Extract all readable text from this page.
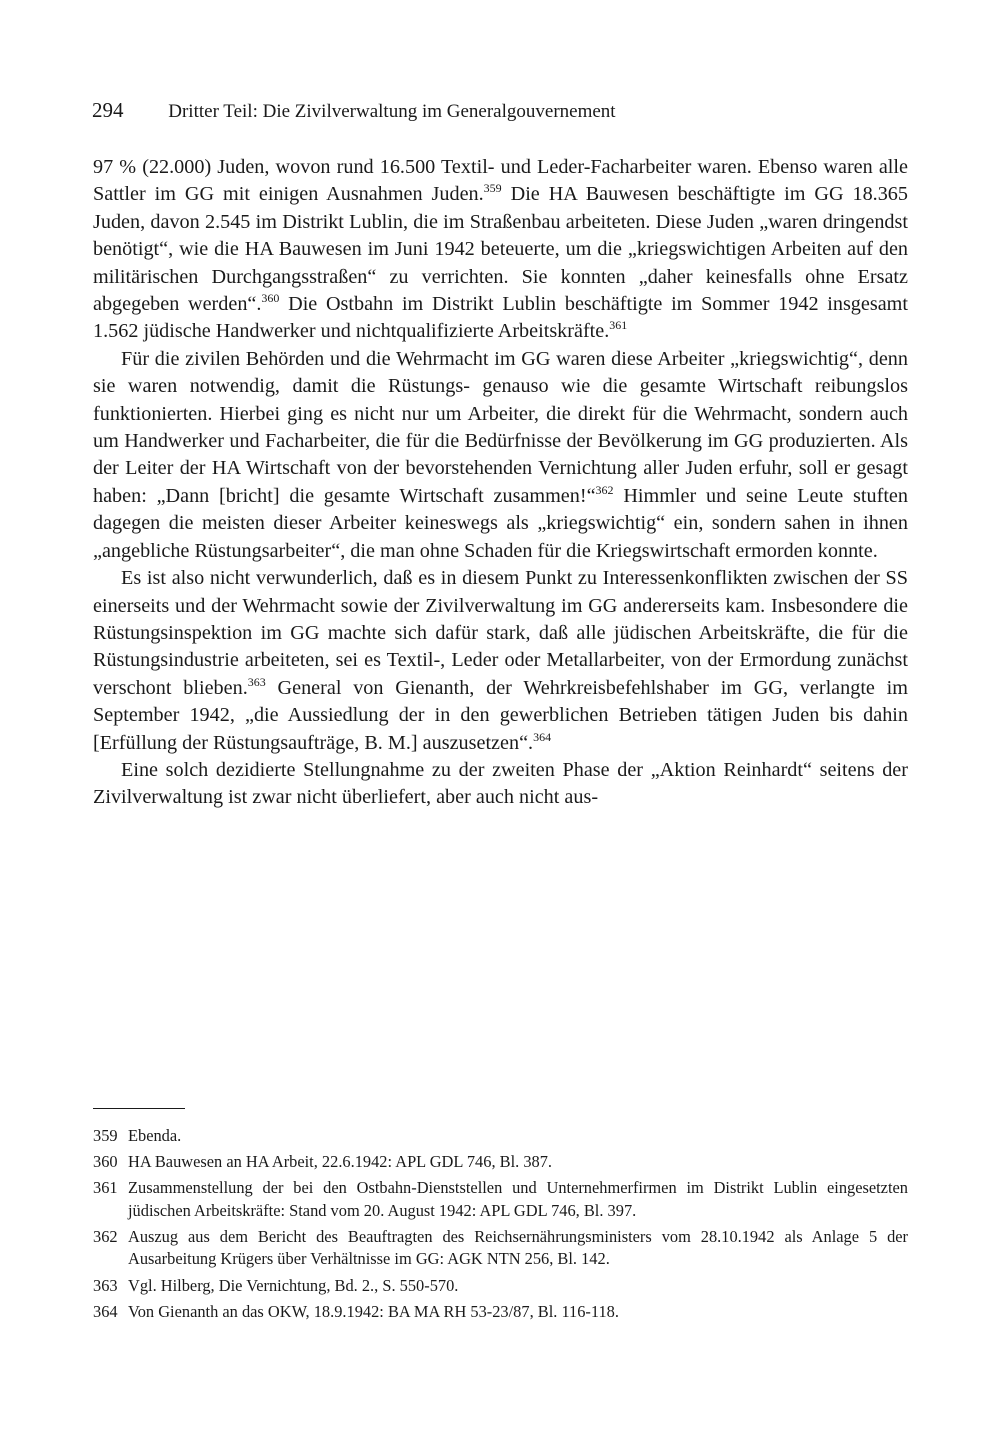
294 Dritter Teil: Die Zivilverwaltung im Generalgouvernement

97 % (22.000) Juden, wovon rund 16.500 Textil- und Leder-Facharbeiter waren. Ebenso waren alle Sattler im GG mit einigen Ausnahmen Juden.$^{359}$ Die HA Bauwesen beschäftigte im GG 18.365 Juden, davon 2.545 im Distrikt Lublin, die im Straßenbau arbeiteten. Diese Juden „waren dringendst benötigt“, wie die HA Bauwesen im Juni 1942 beteuerte, um die „kriegswichtigen Arbeiten auf den militärischen Durchgangsstraßen“ zu verrichten. Sie konnten „daher keinesfalls ohne Ersatz abgegeben werden“.$^{360}$ Die Ostbahn im Distrikt Lublin beschäftigte im Sommer 1942 insgesamt 1.562 jüdische Handwerker und nichtqualifizierte Arbeitskräfte.$^{361}$

Für die zivilen Behörden und die Wehrmacht im GG waren diese Arbeiter „kriegswichtig“, denn sie waren notwendig, damit die Rüstungs- genauso wie die gesamte Wirtschaft reibungslos funktionierten. Hierbei ging es nicht nur um Arbeiter, die direkt für die Wehrmacht, sondern auch um Handwerker und Facharbeiter, die für die Bedürfnisse der Bevölkerung im GG produzierten. Als der Leiter der HA Wirtschaft von der bevorstehenden Vernichtung aller Juden erfuhr, soll er gesagt haben: „Dann [bricht] die gesamte Wirtschaft zusammen!“$^{362}$ Himmler und seine Leute stuften dagegen die meisten dieser Arbeiter keineswegs als „kriegswichtig“ ein, sondern sahen in ihnen „angebliche Rüstungsarbeiter“, die man ohne Schaden für die Kriegswirtschaft ermorden konnte.

Es ist also nicht verwunderlich, daß es in diesem Punkt zu Interessenkonflikten zwischen der SS einerseits und der Wehrmacht sowie der Zivilverwaltung im GG andererseits kam. Insbesondere die Rüstungsinspektion im GG machte sich dafür stark, daß alle jüdischen Arbeitskräfte, die für die Rüstungsindustrie arbeiteten, sei es Textil-, Leder oder Metallarbeiter, von der Ermordung zunächst verschont blieben.$^{363}$ General von Gienanth, der Wehrkreisbefehlshaber im GG, verlangte im September 1942, „die Aussiedlung der in den gewerblichen Betrieben tätigen Juden bis dahin [Erfüllung der Rüstungsaufträge, B. M.] auszusetzen“.$^{364}$

Eine solch dezidierte Stellungnahme zu der zweiten Phase der „Aktion Reinhardt“ seitens der Zivilverwaltung ist zwar nicht überliefert, aber auch nicht aus-

359 Ebenda.
360 HA Bauwesen an HA Arbeit, 22.6.1942: APL GDL 746, Bl. 387.
361 Zusammenstellung der bei den Ostbahn-Dienststellen und Unternehmerfirmen im Distrikt Lublin eingesetzten jüdischen Arbeitskräfte: Stand vom 20. August 1942: APL GDL 746, Bl. 397.
362 Auszug aus dem Bericht des Beauftragten des Reichsernährungsministers vom 28.10.1942 als Anlage 5 der Ausarbeitung Krügers über Verhältnisse im GG: AGK NTN 256, Bl. 142.
363 Vgl. Hilberg, Die Vernichtung, Bd. 2., S. 550-570.
364 Von Gienanth an das OKW, 18.9.1942: BA MA RH 53-23/87, Bl. 116-118.
